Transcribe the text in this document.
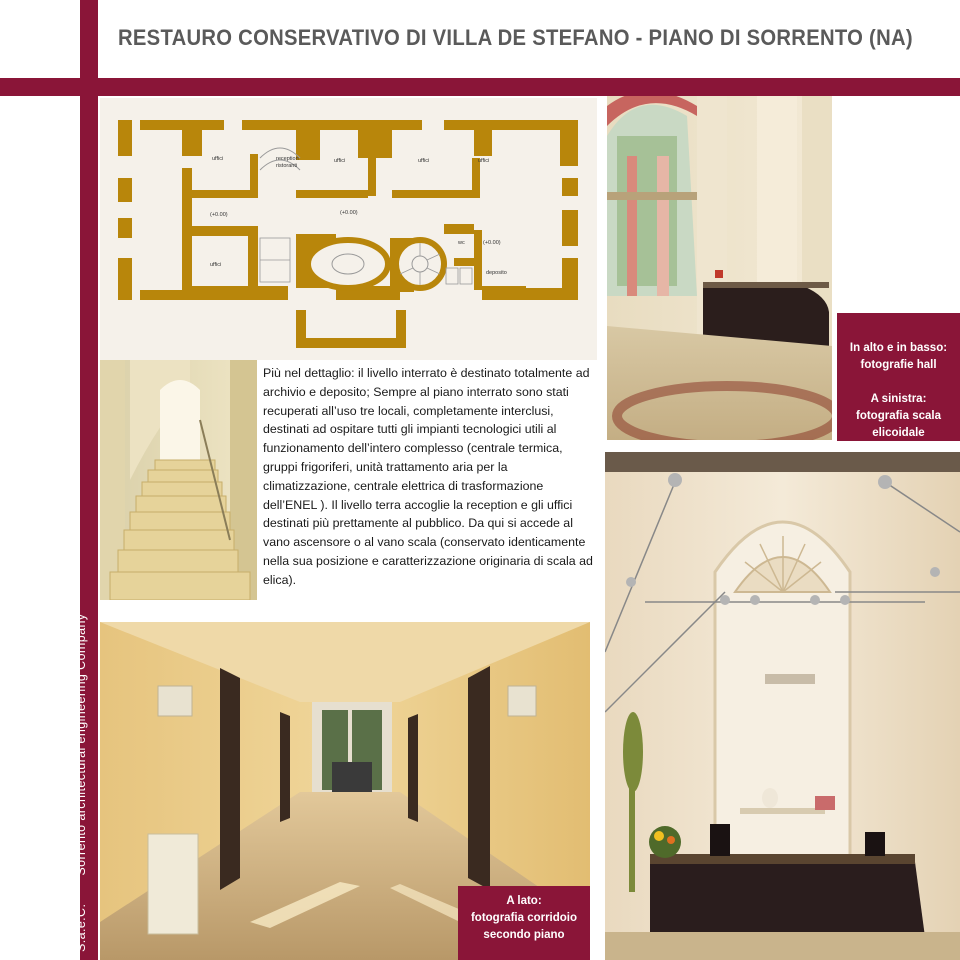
RESTAURO CONSERVATIVO DI VILLA DE STEFANO - PIANO DI SORRENTO (NA)
S.a.e.C.Sorrento architectural engineering Company
uffici	reception
ristoranti
uffici	uffici	uffici
(+0.00)	(+0.00)
(+0.00)
uffici
wc
deposito
In alto e in basso:
fotografie hall
A sinistra:
fotografia scala
elicoidale
Più nel dettaglio: il livello interrato è destinato totalmente ad archivio e deposito; Sempre al piano interrato sono stati recuperati all’uso tre locali, completamente interclusi, destinati ad ospitare tutti gli impianti tecnologici utili al funzionamento dell’intero complesso (centrale termica, gruppi frigoriferi, unità trattamento aria per la climatizzazione, centrale elettrica di trasformazione dell’ENEL ). Il livello terra accoglie la reception e gli uffici destinati più prettamente al pubblico. Da qui si accede al vano ascensore o al vano scala (conservato identicamente nella sua posizione e caratterizzazione originaria di scala ad elica).
A lato:
fotografia corridoio
secondo piano
